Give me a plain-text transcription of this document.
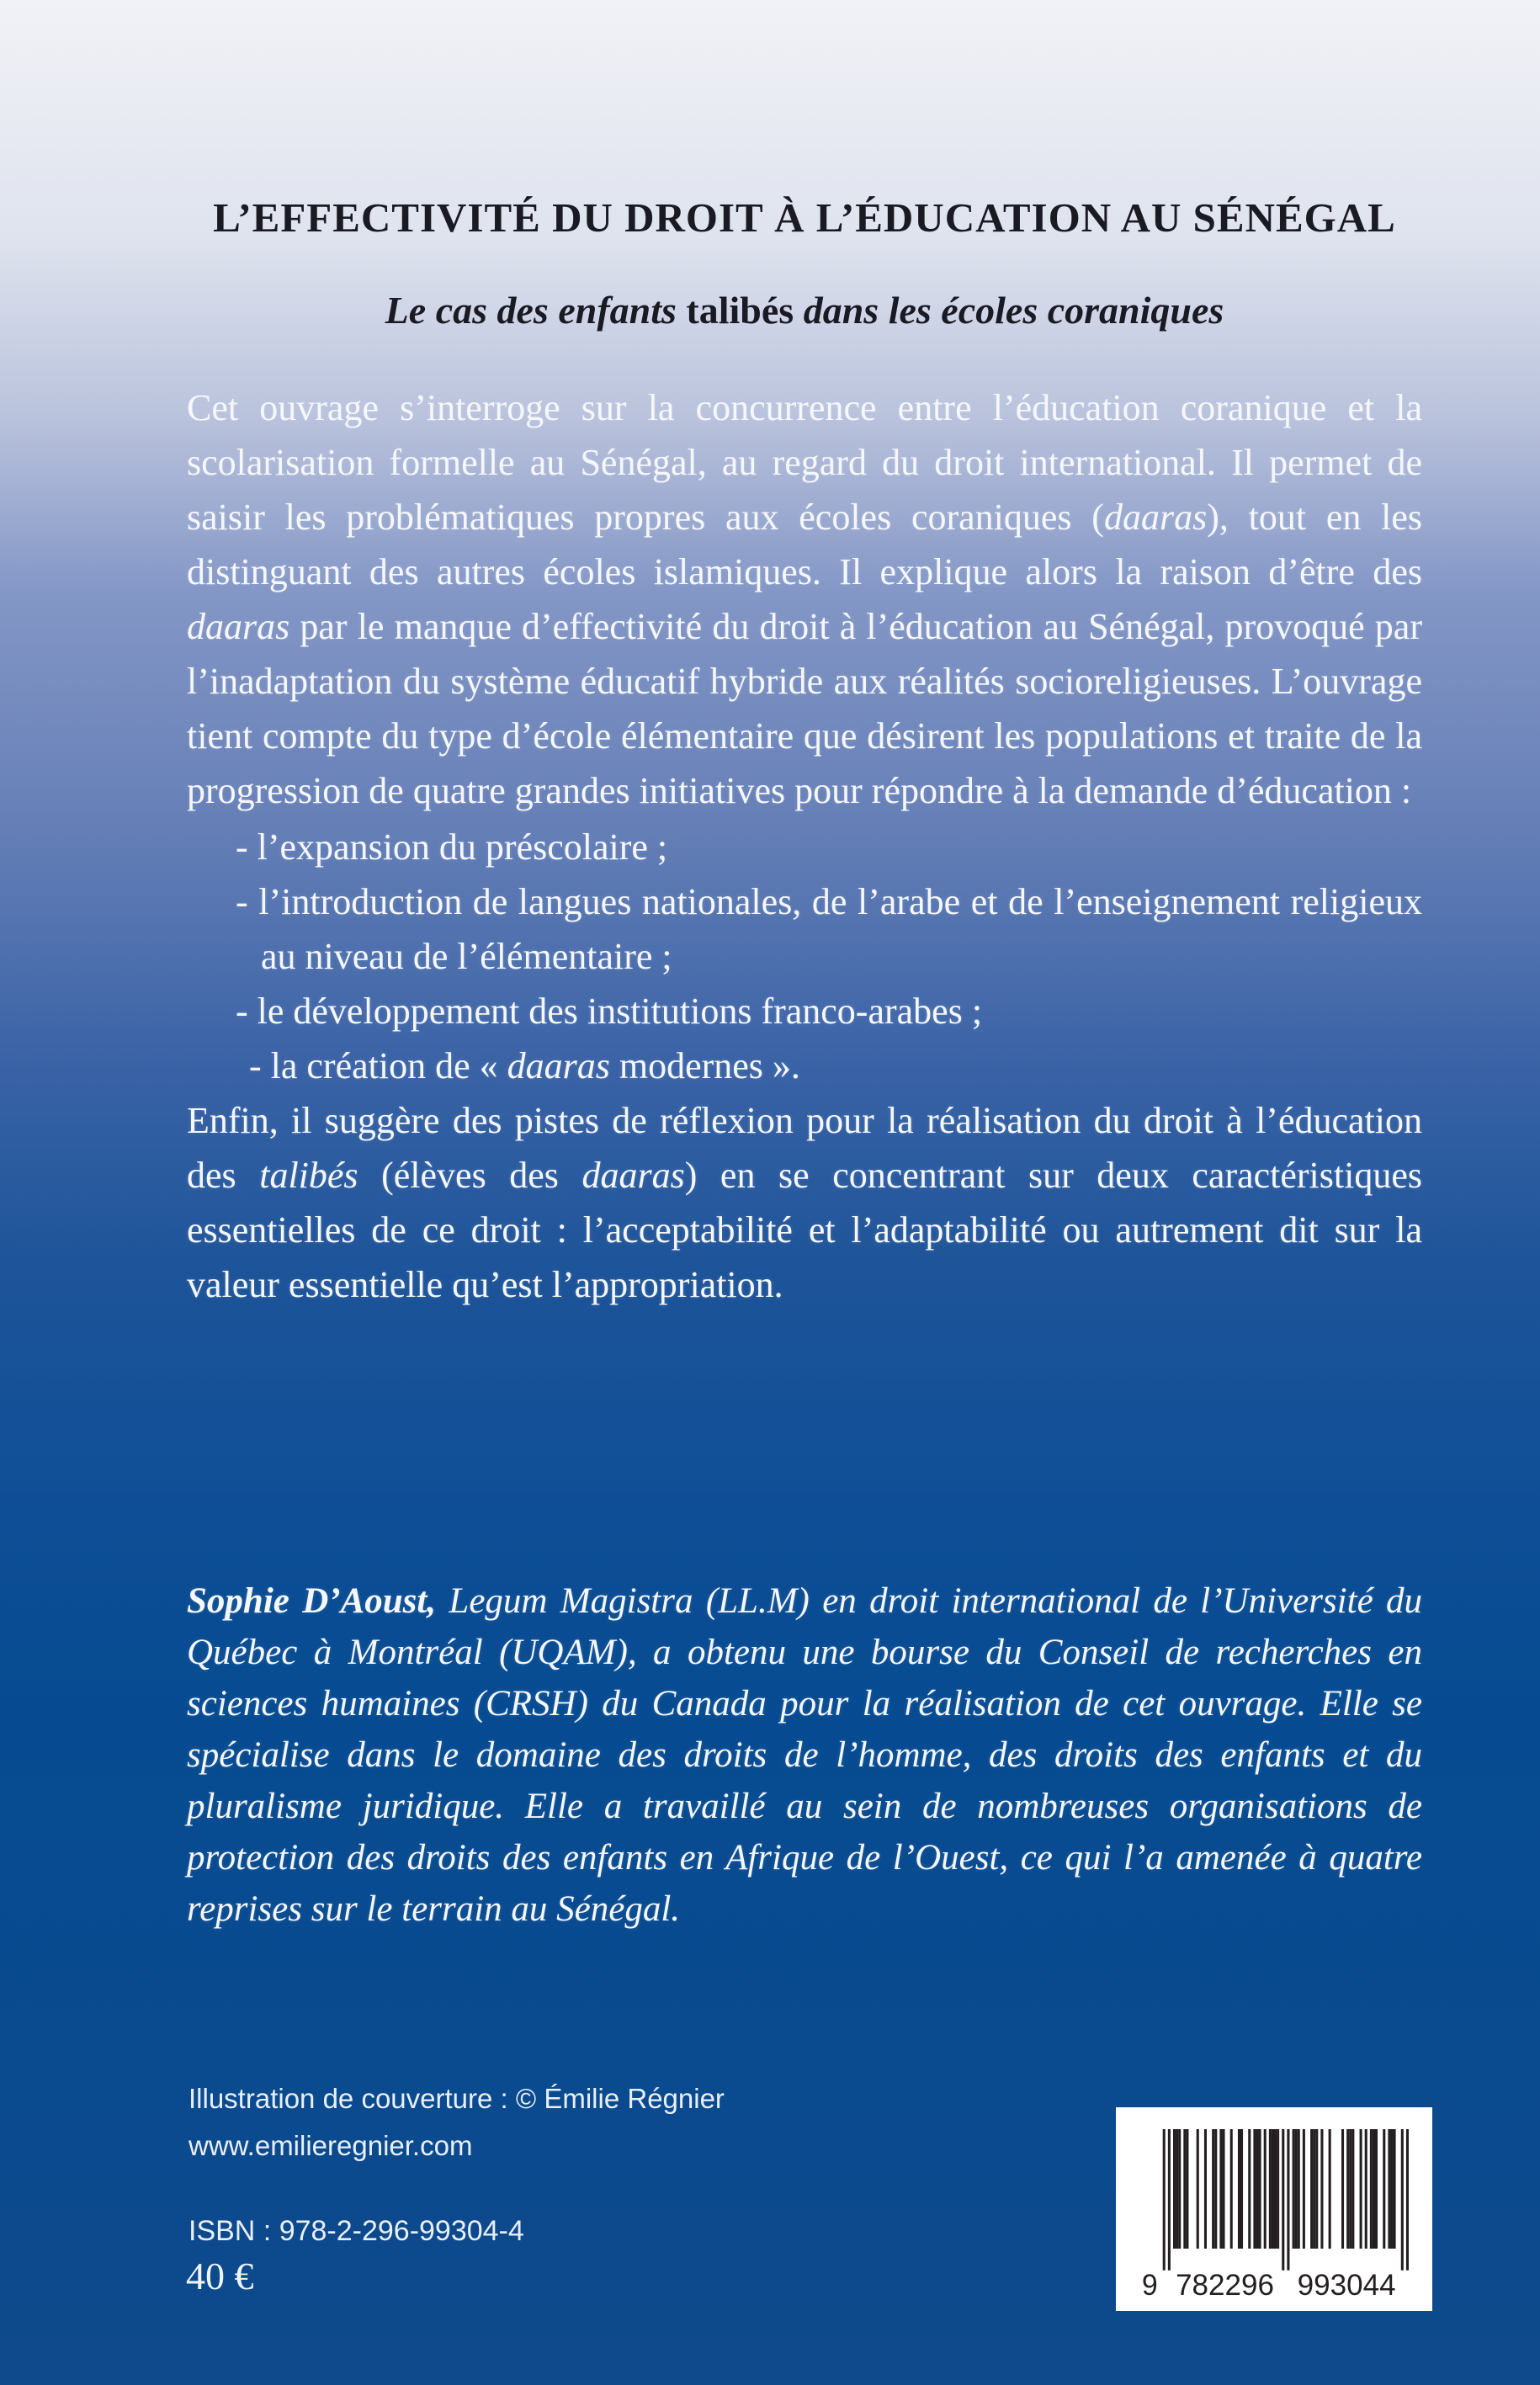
L’EFFECTIVITÉ DU DROIT À L’ÉDUCATION AU SÉNÉGAL
Le cas des enfants talibés dans les écoles coraniques

Cet ouvrage s’interroge sur la concurrence entre l’éducation coranique et la scolarisation formelle au Sénégal, au regard du droit international. Il permet de saisir les problématiques propres aux écoles coraniques (daaras), tout en les distinguant des autres écoles islamiques. Il explique alors la raison d’être des daaras par le manque d’effectivité du droit à l’éducation au Sénégal, provoqué par l’inadaptation du système éducatif hybride aux réalités socioreligieuses. L’ouvrage tient compte du type d’école élémentaire que désirent les populations et traite de la progression de quatre grandes initiatives pour répondre à la demande d’éducation :

- l’expansion du préscolaire ;
- l’introduction de langues nationales, de l’arabe et de l’enseignement religieux au niveau de l’élémentaire ;
- le développement des institutions franco-arabes ;
- la création de « daaras modernes ».

Enfin, il suggère des pistes de réflexion pour la réalisation du droit à l’éducation des talibés (élèves des daaras) en se concentrant sur deux caractéristiques essentielles de ce droit : l’acceptabilité et l’adaptabilité ou autrement dit sur la valeur essentielle qu’est l’appropriation.

Sophie D’Aoust, Legum Magistra (LL.M) en droit international de l’Université du Québec à Montréal (UQAM), a obtenu une bourse du Conseil de recherches en sciences humaines (CRSH) du Canada pour la réalisation de cet ouvrage. Elle se spécialise dans le domaine des droits de l’homme, des droits des enfants et du pluralisme juridique. Elle a travaillé au sein de nombreuses organisations de protection des droits des enfants en Afrique de l’Ouest, ce qui l’a amenée à quatre reprises sur le terrain au Sénégal.

Illustration de couverture : © Émilie Régnier
www.emilieregnier.com
ISBN : 978-2-296-99304-4
40 €	9 782296	993044
